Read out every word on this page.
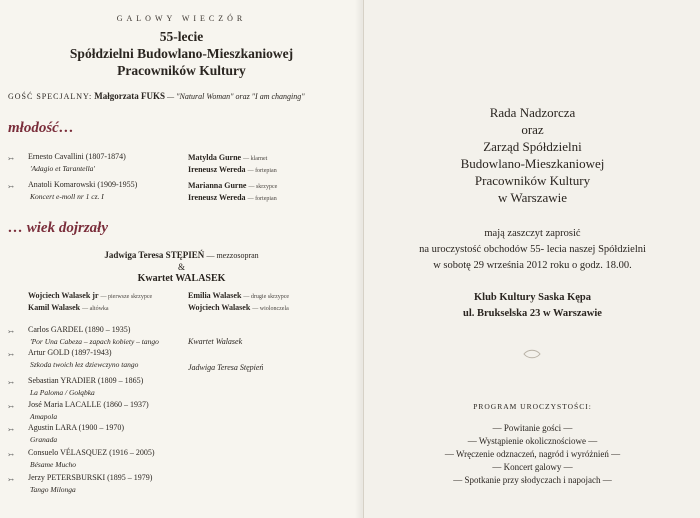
GALOWY WIECZÓR
55-lecie
Spółdzielni Budowlano-Mieszkaniowej
Pracowników Kultury
GOŚĆ SPECJALNY: Małgorzata FUKS — "Natural Woman" oraz "I am changing"
młodość…
↣ Ernesto Cavallini (1807-1874)
'Adagio et Tarantella'
↣ Anatoli Komarowski (1909-1955)
Koncert e-moll nr 1 cz. I
Matylda Gurne — klarnet
Ireneusz Wereda — fortepian
Marianna Gurne — skrzypce
Ireneusz Wereda — fortepian
… wiek dojrzały
Jadwiga Teresa STĘPIEŃ — mezzosopran
&
Kwartet WALASEK
Wojciech Walasek jr — pierwsze skrzypce
Kamil Walasek — altówka
Emilia Walasek — drugie skrzypce
Wojciech Walasek — wiolonczela
↣ Carlos GARDEL (1890 – 1935)
'Por Una Cabeza – zapach kobiety – tango
↣ Artur GOLD (1897-1943)
Szkoda twoich łez dziewczyno tango
↣ Sebastian YRADIER (1809 – 1865)
La Paloma / Gołąbka
↣ José Maria LACALLE (1860 – 1937)
Amapola
↣ Agustin LARA (1900 – 1970)
Granada
↣ Consuelo VÉLASQUEZ (1916 – 2005)
Bésame Mucho
↣ Jerzy PETERSBURSKI (1895 – 1979)
Tango Milonga
Kwartet Walasek
Jadwiga Teresa Stępień
Rada Nadzorcza
oraz
Zarząd Spółdzielni
Budowlano-Mieszkaniowej
Pracowników Kultury
w Warszawie
mają zaszczyt zaprosić
na uroczystość obchodów 55- lecia naszej Spółdzielni
w sobotę 29 września 2012 roku o godz. 18.00.
Klub Kultury Saska Kępa
ul. Brukselska 23 w Warszawie
PROGRAM UROCZYSTOŚCI:
— Powitanie gości —
— Wystąpienie okolicznościowe —
— Wręczenie odznaczeń, nagród i wyróżnień —
— Koncert galowy —
— Spotkanie przy słodyczach i napojach —
